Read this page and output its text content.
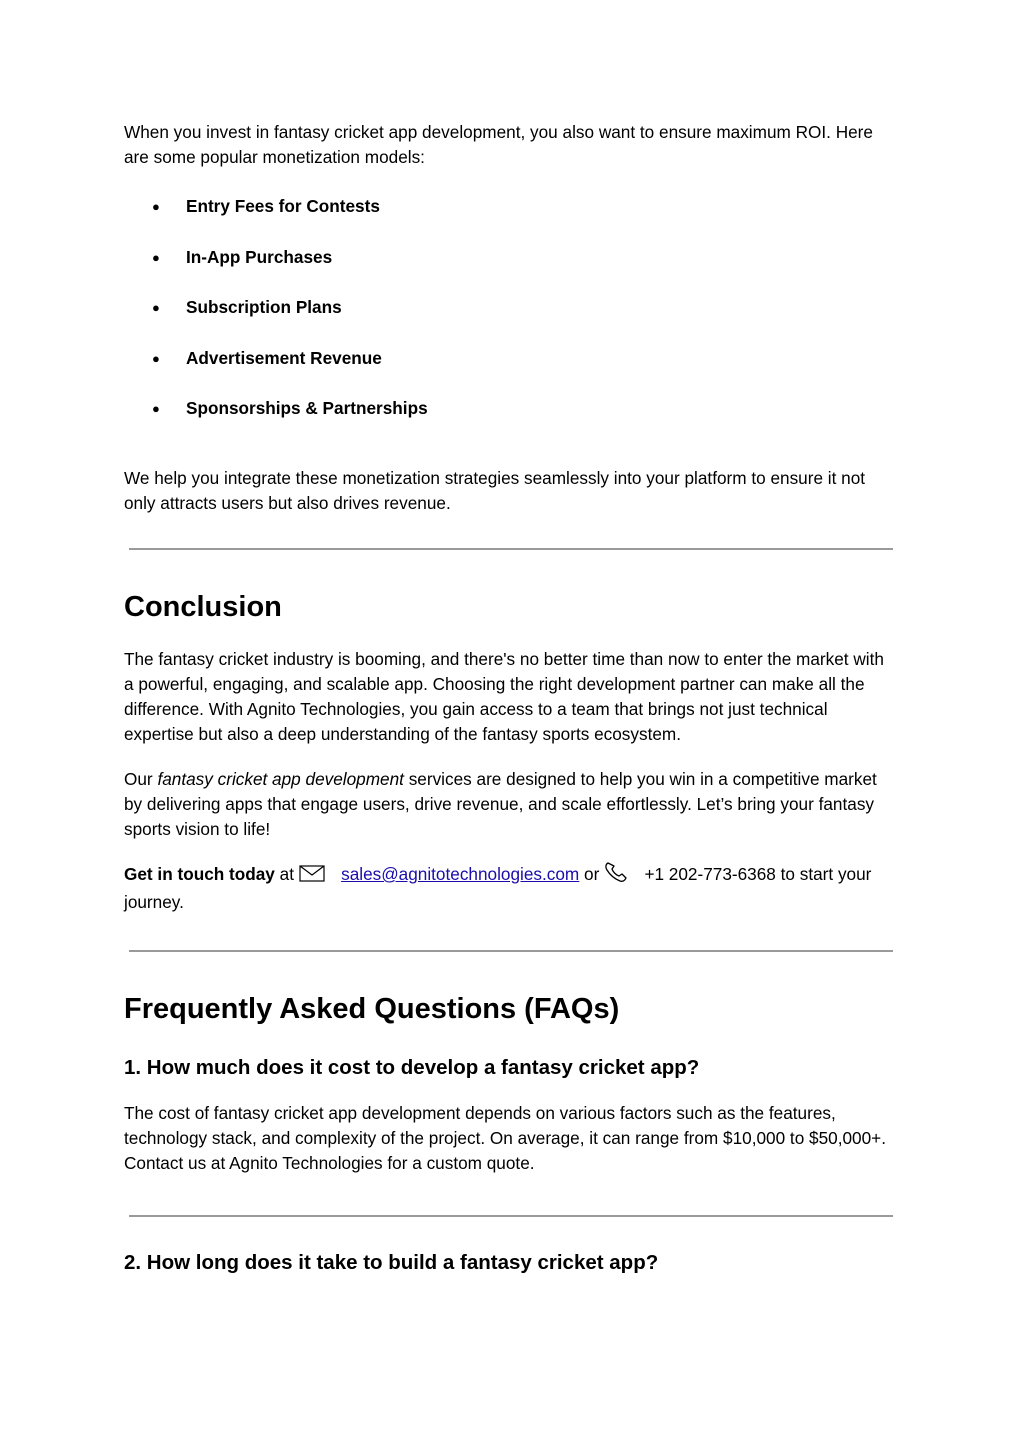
When you invest in fantasy cricket app development, you also want to ensure maximum ROI. Here are some popular monetization models:

●	Entry Fees for Contests
●	In-App Purchases
●	Subscription Plans
●	Advertisement Revenue
●	Sponsorships & Partnerships

We help you integrate these monetization strategies seamlessly into your platform to ensure it not only attracts users but also drives revenue.

Conclusion

The fantasy cricket industry is booming, and there's no better time than now to enter the market with a powerful, engaging, and scalable app. Choosing the right development partner can make all the difference. With Agnito Technologies, you gain access to a team that brings not just technical expertise but also a deep understanding of the fantasy sports ecosystem.

Our fantasy cricket app development services are designed to help you win in a competitive market by delivering apps that engage users, drive revenue, and scale effortlessly. Let’s bring your fantasy sports vision to life!

Get in touch today at    sales@agnitotechnologies.com or    +1 202-773-6368 to start your journey.

Frequently Asked Questions (FAQs)
1. How much does it cost to develop a fantasy cricket app?

The cost of fantasy cricket app development depends on various factors such as the features, technology stack, and complexity of the project. On average, it can range from $10,000 to $50,000+. Contact us at Agnito Technologies for a custom quote.

2. How long does it take to build a fantasy cricket app?
